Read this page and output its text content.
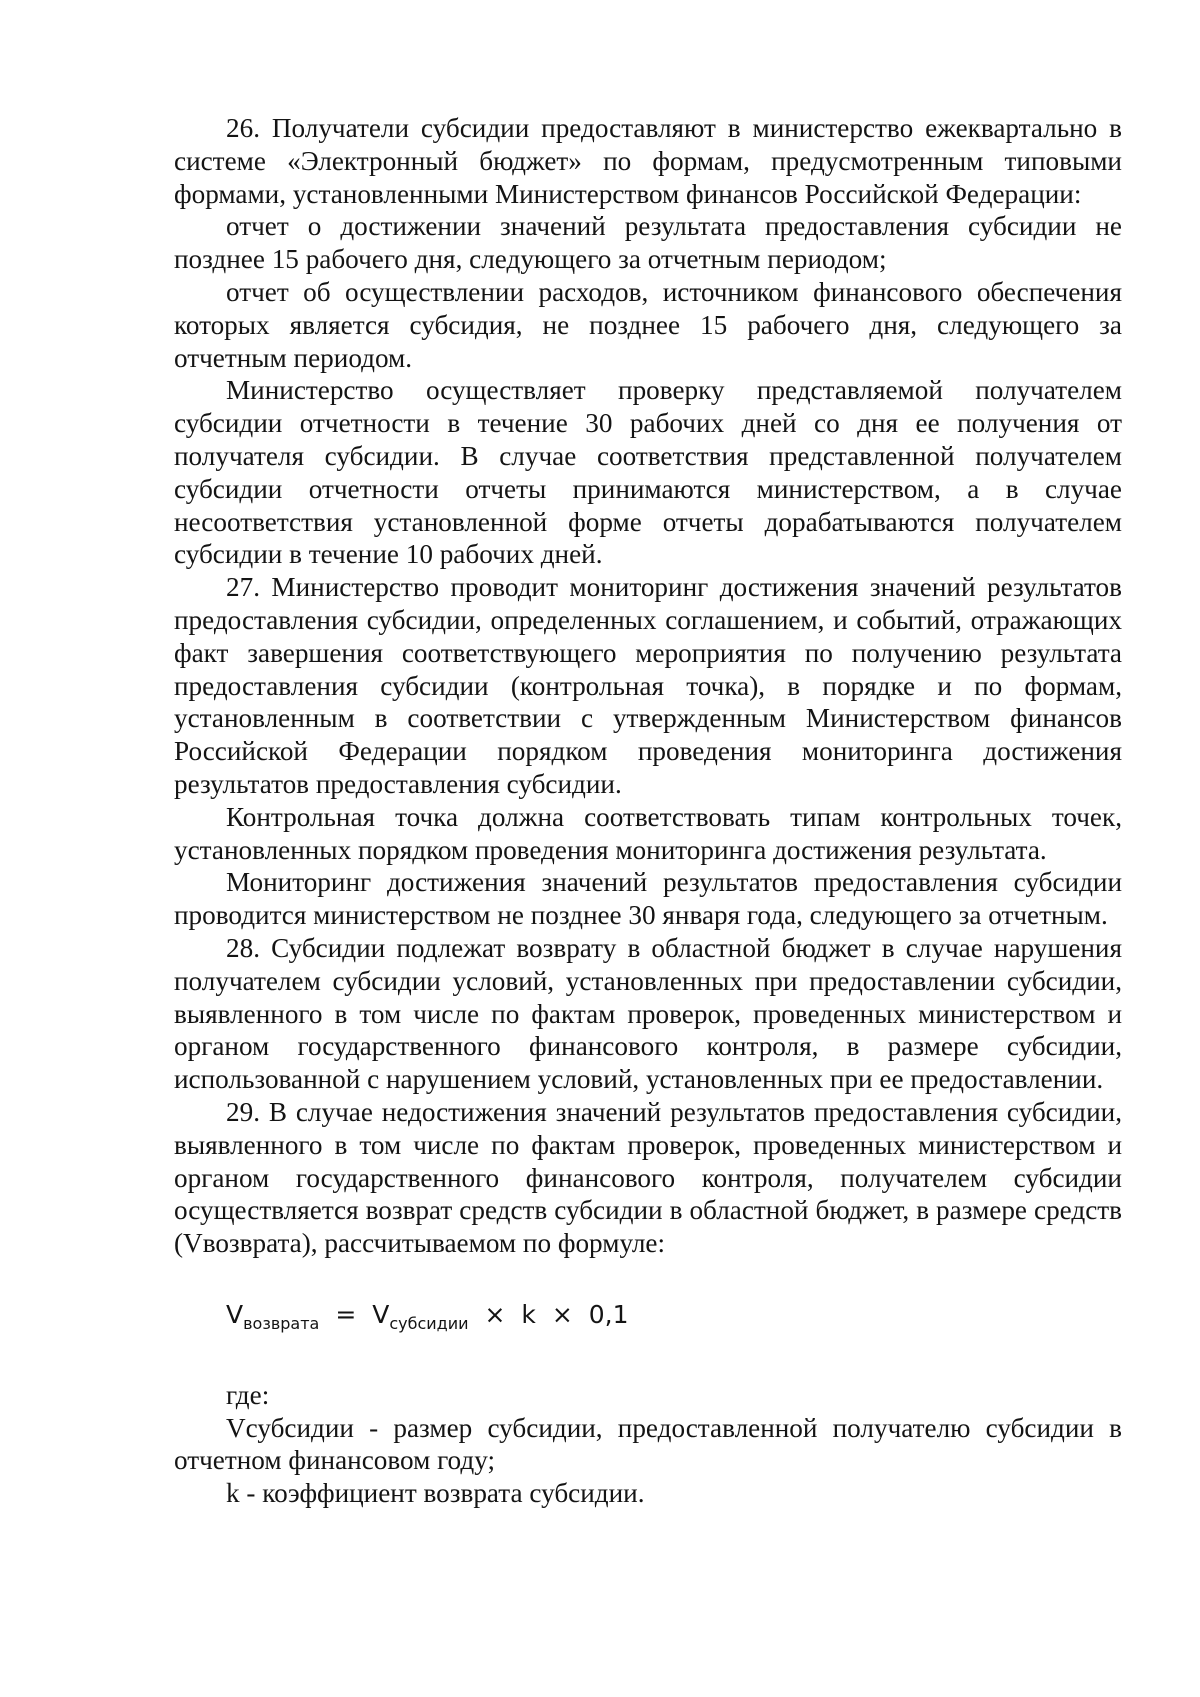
26. Получатели субсидии предоставляют в министерство ежеквартально в системе «Электронный бюджет» по формам, предусмотренным типовыми формами, установленными Министерством финансов Российской Федерации:

отчет о достижении значений результата предоставления субсидии не позднее 15 рабочего дня, следующего за отчетным периодом;

отчет об осуществлении расходов, источником финансового обеспечения которых является субсидия, не позднее 15 рабочего дня, следующего за отчетным периодом.

Министерство осуществляет проверку представляемой получателем субсидии отчетности в течение 30 рабочих дней со дня ее получения от получателя субсидии. В случае соответствия представленной получателем субсидии отчетности отчеты принимаются министерством, а в случае несоответствия установленной форме отчеты дорабатываются получателем субсидии в течение 10 рабочих дней.

27. Министерство проводит мониторинг достижения значений результатов предоставления субсидии, определенных соглашением, и событий, отражающих факт завершения соответствующего мероприятия по получению результата предоставления субсидии (контрольная точка), в порядке и по формам, установленным в соответствии с утвержденным Министерством финансов Российской Федерации порядком проведения мониторинга достижения результатов предоставления субсидии.

Контрольная точка должна соответствовать типам контрольных точек, установленных порядком проведения мониторинга достижения результата.

Мониторинг достижения значений результатов предоставления субсидии проводится министерством не позднее 30 января года, следующего за отчетным.

28. Субсидии подлежат возврату в областной бюджет в случае нарушения получателем субсидии условий, установленных при предоставлении субсидии, выявленного в том числе по фактам проверок, проведенных министерством и органом государственного финансового контроля, в размере субсидии, использованной с нарушением условий, установленных при ее предоставлении.

29. В случае недостижения значений результатов предоставления субсидии, выявленного в том числе по фактам проверок, проведенных министерством и органом государственного финансового контроля, получателем субсидии осуществляется возврат средств субсидии в областной бюджет, в размере средств (Vвозврата), рассчитываемом по формуле:

$V_{возврата} = V_{субсидии} \times k \times 0,1$

где:

Vсубсидии - размер субсидии, предоставленной получателю субсидии в отчетном финансовом году;

k - коэффициент возврата субсидии.
